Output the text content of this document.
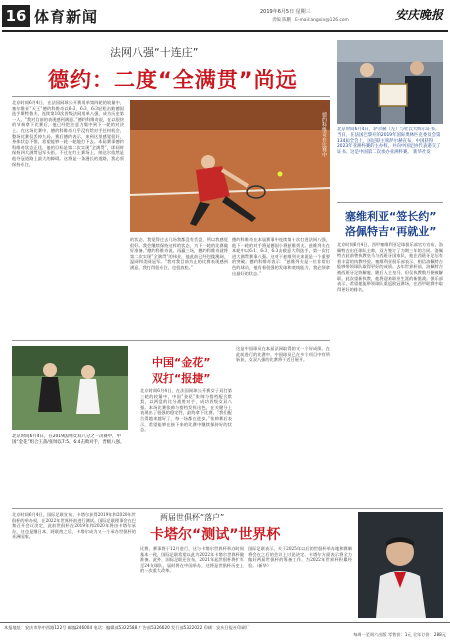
16 体育新闻	2019年6月5日 星期三
责编 陈鹏 E-mail:angxin@126.com	安庆晚报
法网八强“十连庄”
德约：二度“全满贯”尚远
北京时间6月4日，在法国网球公开赛男单第四轮的较量中，塞尔维亚“天王”德约科维奇以6:3、6:3、6:3轻松击败德国选手斯特鲁夫，连续第10次晋级法网男单八强，成为历史第一人。“我对目前的表现感到满意。”德约科维奇说，在以很快的节奏拿下比赛后，他已经把注意力集中到下一轮的对决上。在这场比赛中，德约科维奇几乎没有给对手任何机会，整场比赛仅丢掉九局。赛后德约表示，来到这里感觉很好，身体状态不错，希望能够一轮一轮地打下去。本届赛事德约科维奇状态正佳，他的目标是第二次实现“全满贯”，即同时保持四大满贯冠军头衔。不过在红土赛场上，纳达尔依然是他夺冠道路上最大的障碍。这将是一条漫长的道路，我必须保持专注。
德约科维奇在比赛中
的状态，我觉得过去几场我都没有丢盘，所以我感觉很好。我会继续保持这样的状态，为下一轮的比赛做好准备。”德约科维奇说。再赢三场，德约科维奇就将第二次实现“全满贯”的伟业，他此前已经包揽澳网、温网和美网冠军。“我对我目前为止的比赛表现感到满意，我打得很专注，也很放松。”
德约科维奇在本届赛事中连续第十次打进法网八强，他下一轮的对手将是德国小将兹维列夫。兹维列夫在本轮中以6:1、6:3、6:3击败意大利选手，第一次打进大满贯赛事八强。这对于兹维列夫来说是一个重要的突破。德约科维奇表示：“兹维列夫是一位非常出色的球员，他有着很强的发球和底线能力，我必须拿出最好的状态。”
北京时间6月4日，萨尔赫（左）与杜氏大辉示证书。当日，在法国巴黎开的2019年国际奥林匹克委员会第134届全会上，国足联主席萨尔赫宣布，中国获得2023年亚洲杯赛的主办权，并向中国足协代表递交了证书。这是中国第二次承办亚洲杯赛。 新华社发
塞维利亚“签长约”
洛佩特吉“再就业”
北京时间6月4日，西甲塞维利亚足球俱乐部官方宣布，洛佩特吉出任球队主帅，双方签订了为期三年的合同。洛佩特吉此前曾执教皇马与西班牙国家队，他在西班牙足坛有着丰富的执教经验。塞维利亚俱乐部表示，相信洛佩特吉能够带领球队取得更好的成绩。去年世界杯前，洛佩特吉被西班牙足协解雇，随后入主皇马，但仅执教数月便被解职。此次重新执教，他将迎来职业生涯的新挑战。俱乐部表示，希望他能带领球队重返欧冠赛场，在西甲联赛中取得更好的排名。
中国“金花”
双打“报捷”
北京时间6月4日，在法国网球公开赛女子双打第三轮的较量中，中国“金花”张帅与搭档配合默契，以两盘的比分战胜对手，成功晋级女双八强。本场比赛张帅与搭档发挥出色，在关键分上表现出了很强的稳定性，最终拿下比赛。“我们配合得越来越好了，每一场都在进步。”张帅赛后表示，希望能够在接下来的比赛中继续保持好的状态。
这是中国球员在本届法网取得的又一个好成绩。在此前进行的比赛中，中国球员已在多个项目中有所斩获，女双八强的比赛将于近日展开。
北京时间6月4日，在2019法网女双八分之一决赛中，中国“金花”组合王蔷/张帅以7:5、6:4击败对手，晋级八强。
两届世俱杯“落户”
卡塔尔“测试”世界杯
北京时间6月4日，国际足联宣布，卡塔尔获得2019年和2020年世俱杯的举办权，在2022年世界杯前进行测试。国际足联理事会在巴黎召开会议决定，此前世俱杯在2019年和2020年将由卡塔尔承办，这也是继日本、阿联酋之后，卡塔尔成为又一个承办世俱杯的亚洲国家。
比赛，赛事将于12月进行，这与卡塔尔世界杯举办时间基本一致，国际足联希望以此为2022年卡塔尔世界杯做准备。此外，国际足联还宣布，2021年起世俱杯将扩军至24支球队，届时将在中国举办，这将是世俱杯历史上的一次重大改革。
国际足联表示，关于2025年以后的世俱杯举办地和赛制将会在之后的会议上讨论决定。卡塔尔方面表示将全力做好两届世俱杯的筹备工作，为2022年世界杯积累经验。（新华）
本报地址：安庆市华中西路122号 邮编246004 电话：编辑部5322588 广告部5326620 发行部5322022 印刷：安庆日报社印刷厂
每周一至周六出版 零售价：1元 全年订价：288元
